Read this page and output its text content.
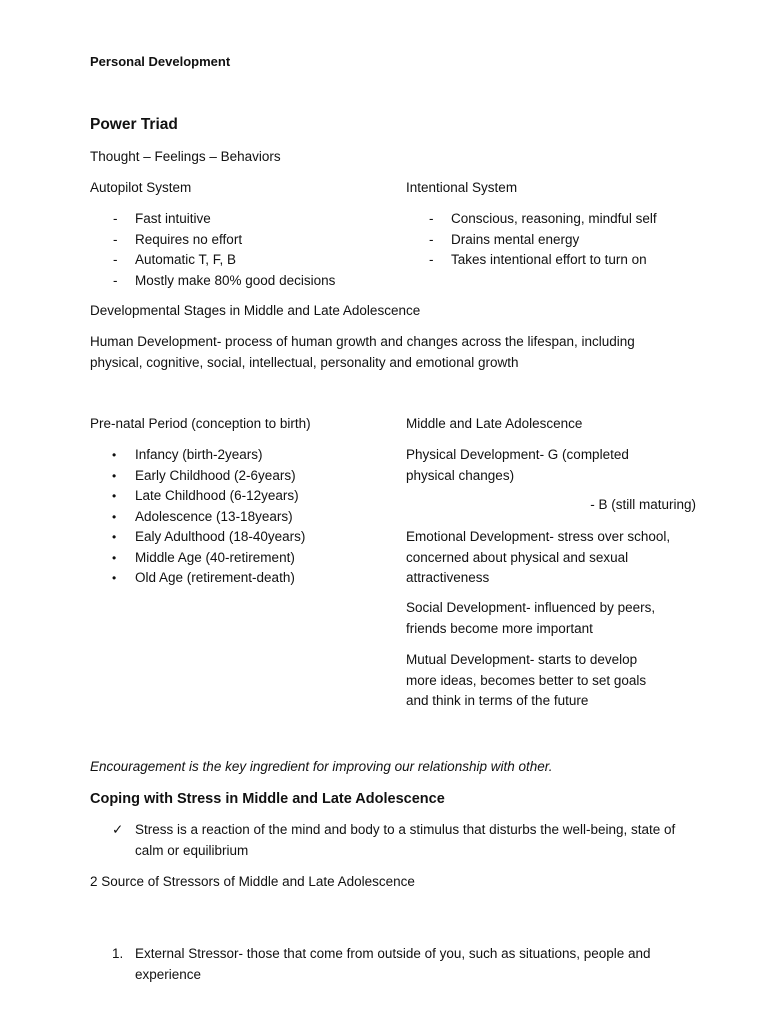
Personal Development
Power Triad
Thought – Feelings – Behaviors
Autopilot System
- Fast intuitive
- Requires no effort
- Automatic T, F, B
- Mostly make 80% good decisions
Intentional System
- Conscious, reasoning, mindful self
- Drains mental energy
- Takes intentional effort to turn on
Developmental Stages in Middle and Late Adolescence
Human Development- process of human growth and changes across the lifespan, including physical, cognitive, social, intellectual, personality and emotional growth
Pre-natal Period (conception to birth)
• Infancy (birth-2years)
• Early Childhood (2-6years)
• Late Childhood (6-12years)
• Adolescence (13-18years)
• Ealy Adulthood (18-40years)
• Middle Age (40-retirement)
• Old Age (retirement-death)
Middle and Late Adolescence
Physical Development- G (completed physical changes)
- B (still maturing)
Emotional Development- stress over school, concerned about physical and sexual attractiveness
Social Development- influenced by peers, friends become more important
Mutual Development- starts to develop more ideas, becomes better to set goals and think in terms of the future
Encouragement is the key ingredient for improving our relationship with other.
Coping with Stress in Middle and Late Adolescence
✓ Stress is a reaction of the mind and body to a stimulus that disturbs the well-being, state of calm or equilibrium
2 Source of Stressors of Middle and Late Adolescence
1. External Stressor- those that come from outside of you, such as situations, people and experience
